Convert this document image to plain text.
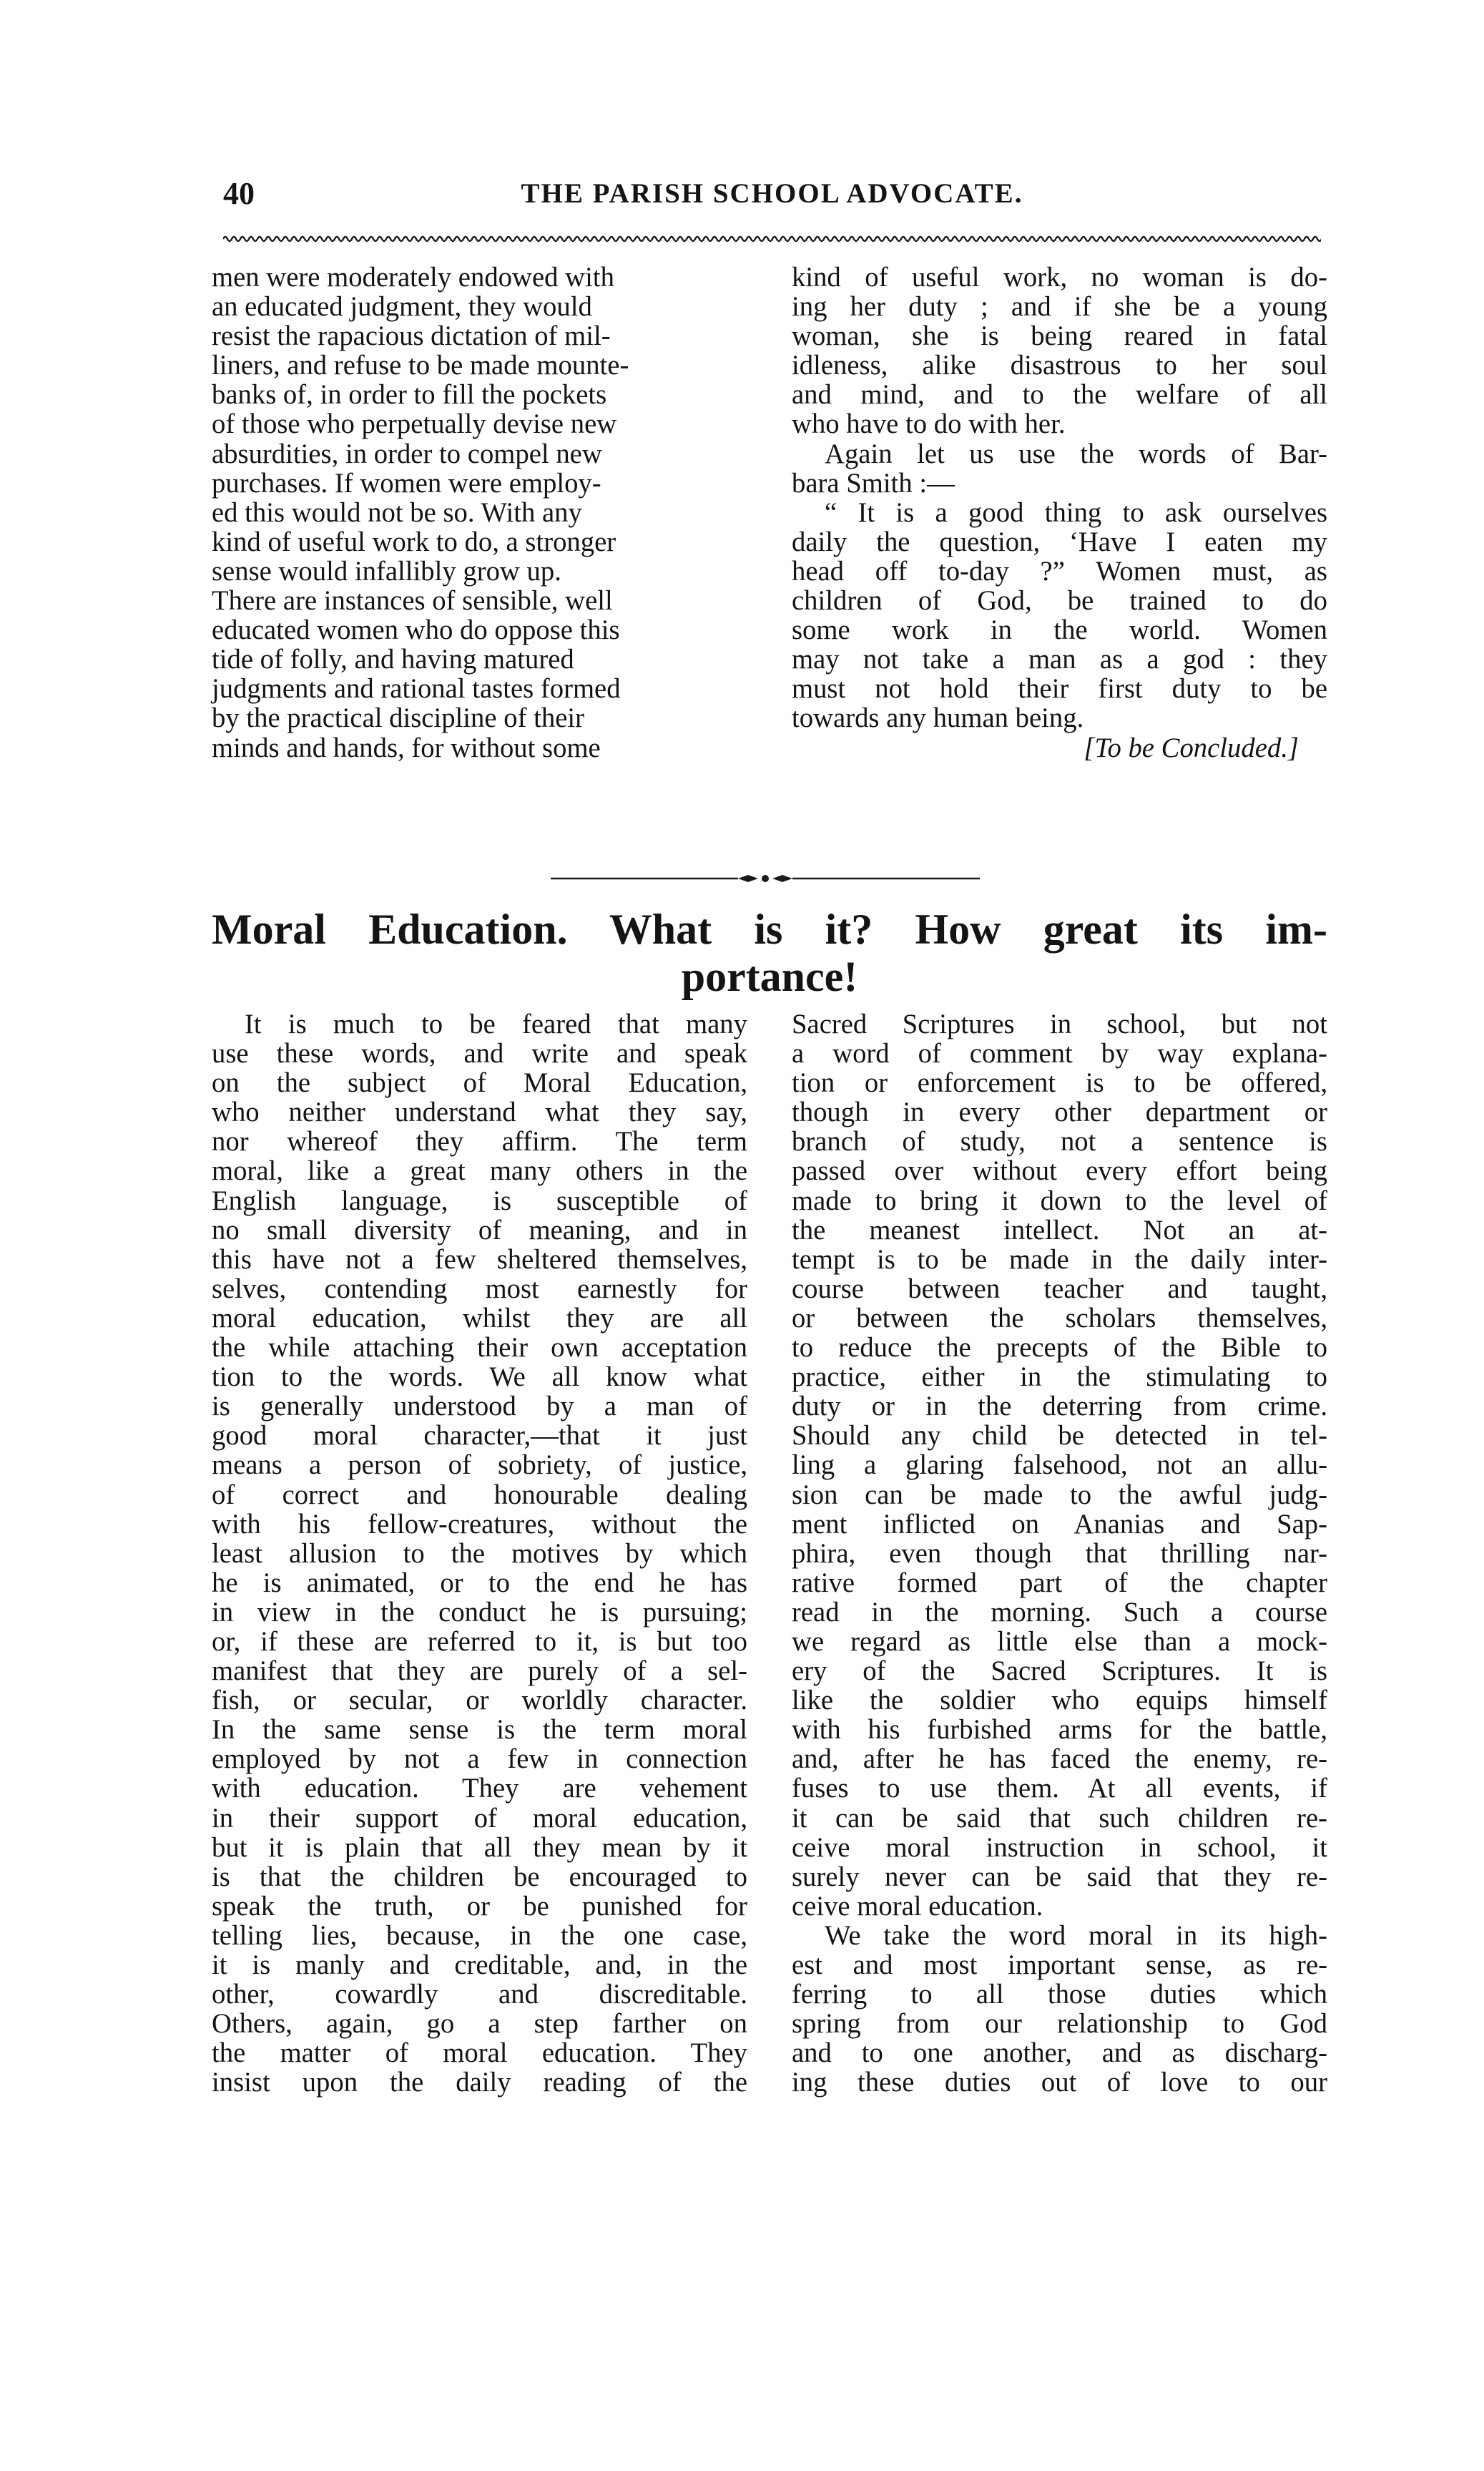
40	THE PARISH SCHOOL ADVOCATE.

men were moderately endowed with
an educated judgment, they would
resist the rapacious dictation of mil-
liners, and refuse to be made mounte-
banks of, in order to fill the pockets
of those who perpetually devise new
absurdities, in order to compel new
purchases. If women were employ-
ed this would not be so. With any
kind of useful work to do, a stronger
sense would infallibly grow up.
There are instances of sensible, well
educated women who do oppose this
tide of folly, and having matured
judgments and rational tastes formed
by the practical discipline of their
minds and hands, for without some

kind of useful work, no woman is do-
ing her duty ; and if she be a young
woman, she is being reared in fatal
idleness, alike disastrous to her soul
and mind, and to the welfare of all
who have to do with her.

Again let us use the words of Bar-
bara Smith :—

“ It is a good thing to ask ourselves
daily the question, ‘Have I eaten my
head off to-day ?” Women must, as
children of God, be trained to do
some work in the world. Women
may not take a man as a god : they
must not hold their first duty to be
towards any human being.

[To be Concluded.]

Moral Education. What is it? How great its im-
portance!

It is much to be feared that many
use these words, and write and speak
on the subject of Moral Education,
who neither understand what they say,
nor whereof they affirm. The term
moral, like a great many others in the
English language, is susceptible of
no small diversity of meaning, and in
this have not a few sheltered themselves,
selves, contending most earnestly for
moral education, whilst they are all
the while attaching their own acceptation
tion to the words. We all know what
is generally understood by a man of
good moral character,—that it just
means a person of sobriety, of justice,
of correct and honourable dealing
with his fellow-creatures, without the
least allusion to the motives by which
he is animated, or to the end he has
in view in the conduct he is pursuing;
or, if these are referred to it, is but too
manifest that they are purely of a sel-
fish, or secular, or worldly character.
In the same sense is the term moral
employed by not a few in connection
with education. They are vehement
in their support of moral education,
but it is plain that all they mean by it
is that the children be encouraged to
speak the truth, or be punished for
telling lies, because, in the one case,
it is manly and creditable, and, in the
other, cowardly and discreditable.
Others, again, go a step farther on
the matter of moral education. They
insist upon the daily reading of the

Sacred Scriptures in school, but not
a word of comment by way explana-
tion or enforcement is to be offered,
though in every other department or
branch of study, not a sentence is
passed over without every effort being
made to bring it down to the level of
the meanest intellect. Not an at-
tempt is to be made in the daily inter-
course between teacher and taught,
or between the scholars themselves,
to reduce the precepts of the Bible to
practice, either in the stimulating to
duty or in the deterring from crime.
Should any child be detected in tel-
ling a glaring falsehood, not an allu-
sion can be made to the awful judg-
ment inflicted on Ananias and Sap-
phira, even though that thrilling nar-
rative formed part of the chapter
read in the morning. Such a course
we regard as little else than a mock-
ery of the Sacred Scriptures. It is
like the soldier who equips himself
with his furbished arms for the battle,
and, after he has faced the enemy, re-
fuses to use them. At all events, if
it can be said that such children re-
ceive moral instruction in school, it
surely never can be said that they re-
ceive moral education.

We take the word moral in its high-
est and most important sense, as re-
ferring to all those duties which
spring from our relationship to God
and to one another, and as discharg-
ing these duties out of love to our
